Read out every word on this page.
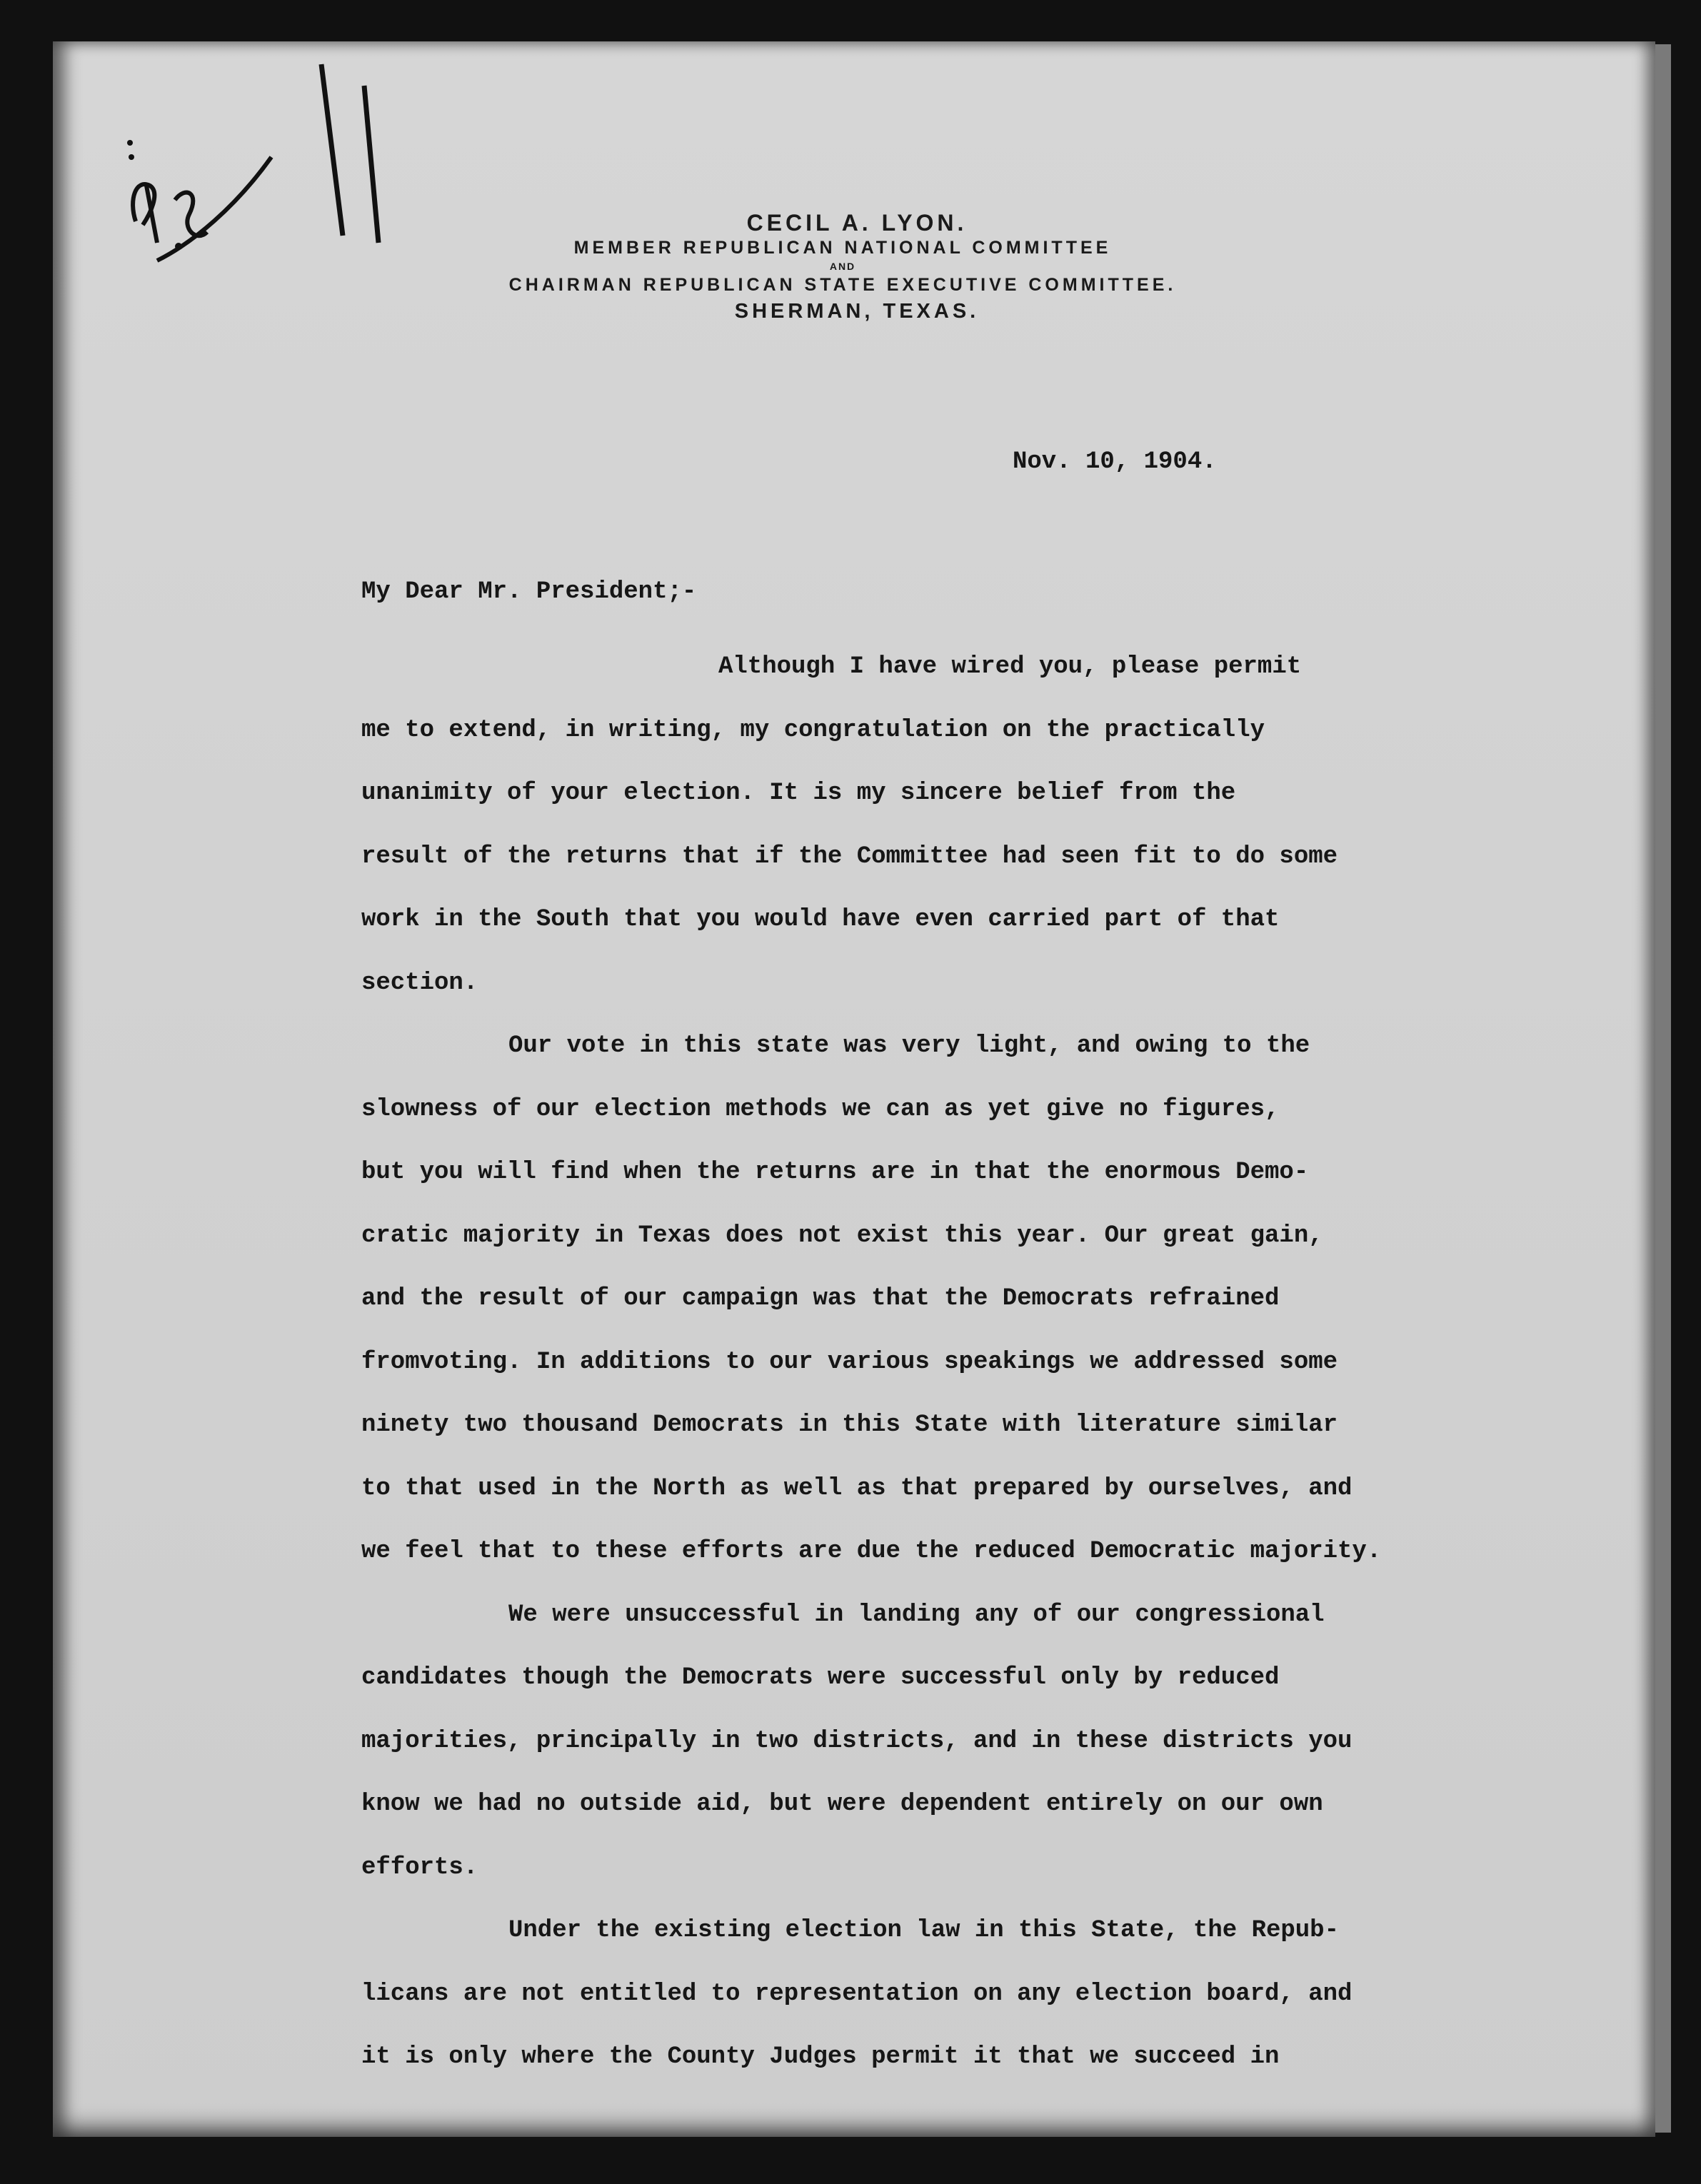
CECIL A. LYON.
MEMBER REPUBLICAN NATIONAL COMMITTEE
AND
CHAIRMAN REPUBLICAN STATE EXECUTIVE COMMITTEE.
SHERMAN, TEXAS.
Nov. 10, 1904.
My Dear Mr. President;-
Although I have wired you, please permit
me to extend, in writing, my congratulation on the practically
unanimity of your election. It is my sincere belief from the
result of the returns that if the Committee had seen fit to do some
work in the South that you would have even carried part of that
section.
Our vote in this state was very light, and owing to the
slowness of our election methods we can as yet give no figures,
but you will find when the returns are in that the enormous Demo-
cratic majority in Texas does not exist this year. Our great gain,
and the result of our campaign was that the Democrats refrained
fromvoting. In additions to our various speakings we addressed some
ninety two thousand Democrats in this State with literature similar
to that used in the North as well as that prepared by ourselves, and
we feel that to these efforts are due the reduced Democratic majority.
We were unsuccessful in landing any of our congressional
candidates though the Democrats were successful only by reduced
majorities, principally in two districts, and in these districts you
know we had no outside aid, but were dependent entirely on our own
efforts.
Under the existing election law in this State, the Repub-
licans are not entitled to representation on any election board, and
it is only where the County Judges permit it that we succeed in
